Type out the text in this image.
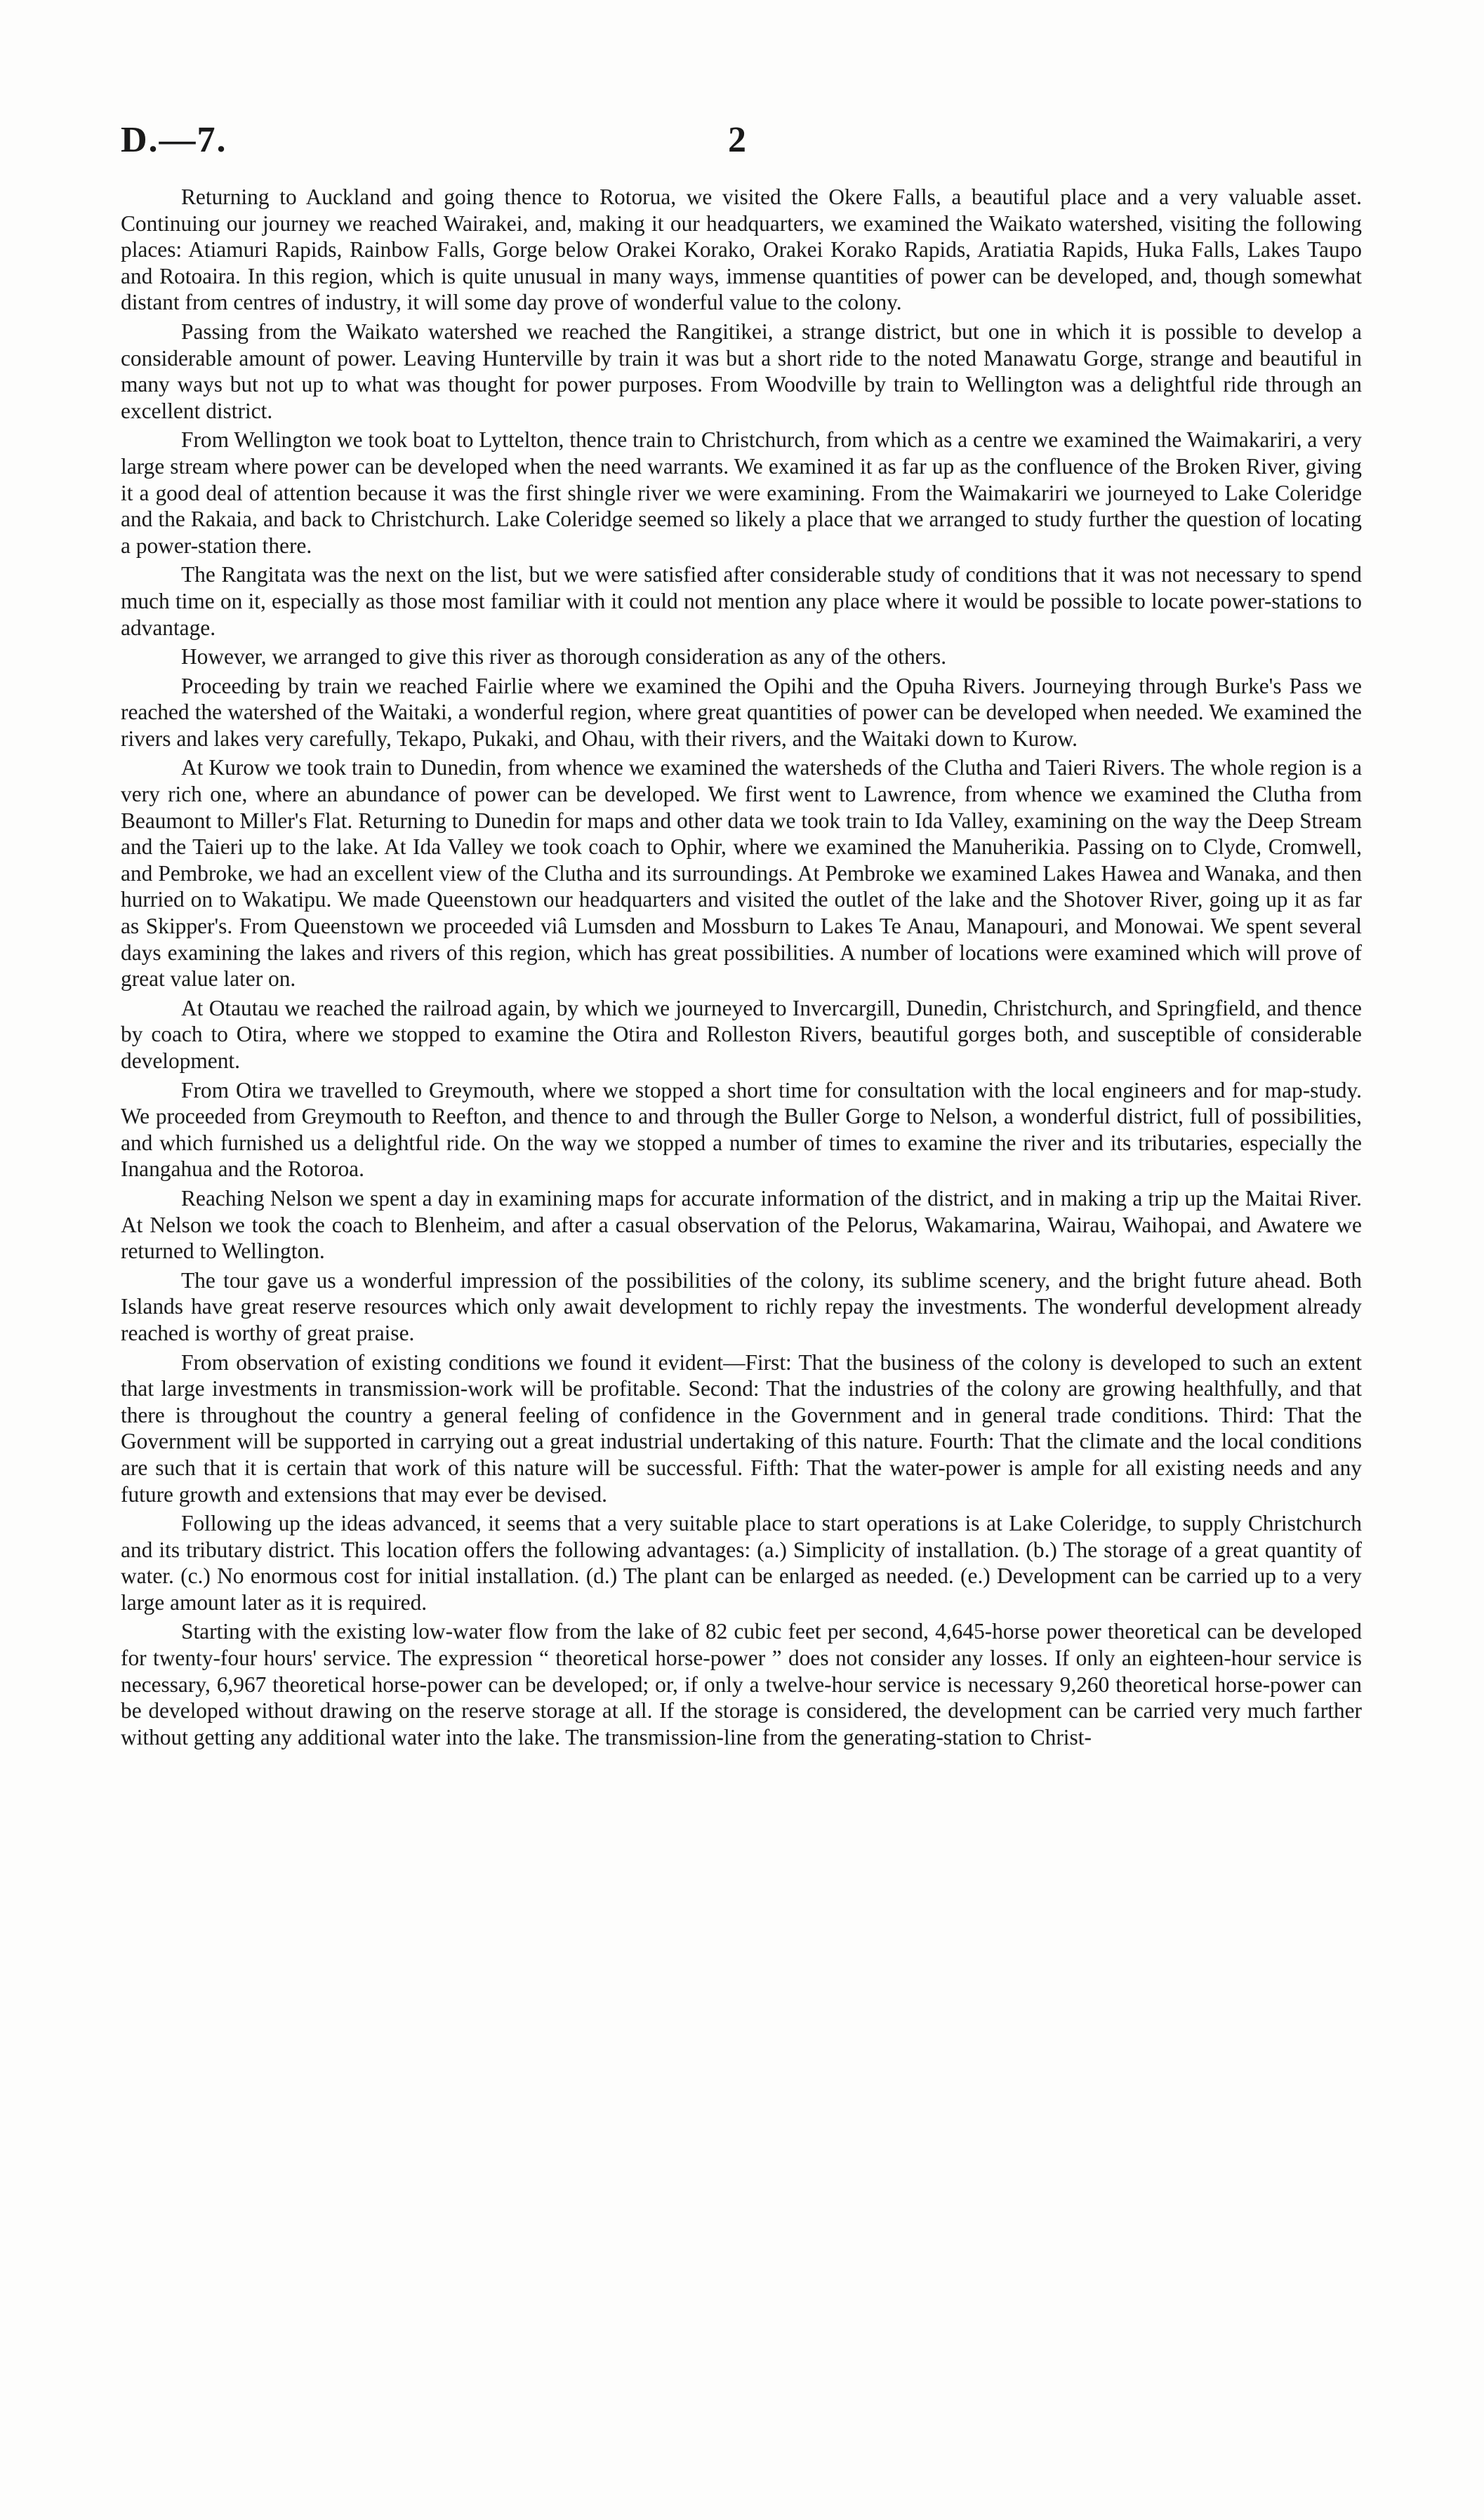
D.—7.	2

Returning to Auckland and going thence to Rotorua, we visited the Okere Falls, a beautiful place and a very valuable asset. Continuing our journey we reached Wairakei, and, making it our headquarters, we examined the Waikato watershed, visiting the following places: Atiamuri Rapids, Rainbow Falls, Gorge below Orakei Korako, Orakei Korako Rapids, Aratiatia Rapids, Huka Falls, Lakes Taupo and Rotoaira. In this region, which is quite unusual in many ways, immense quantities of power can be developed, and, though somewhat distant from centres of industry, it will some day prove of wonderful value to the colony.

Passing from the Waikato watershed we reached the Rangitikei, a strange district, but one in which it is possible to develop a considerable amount of power. Leaving Hunterville by train it was but a short ride to the noted Manawatu Gorge, strange and beautiful in many ways but not up to what was thought for power purposes. From Woodville by train to Wellington was a delightful ride through an excellent district.

From Wellington we took boat to Lyttelton, thence train to Christchurch, from which as a centre we examined the Waimakariri, a very large stream where power can be developed when the need warrants. We examined it as far up as the confluence of the Broken River, giving it a good deal of attention because it was the first shingle river we were examining. From the Waimakariri we journeyed to Lake Coleridge and the Rakaia, and back to Christchurch. Lake Coleridge seemed so likely a place that we arranged to study further the question of locating a power-station there.

The Rangitata was the next on the list, but we were satisfied after considerable study of conditions that it was not necessary to spend much time on it, especially as those most familiar with it could not mention any place where it would be possible to locate power-stations to advantage.

However, we arranged to give this river as thorough consideration as any of the others.

Proceeding by train we reached Fairlie where we examined the Opihi and the Opuha Rivers. Journeying through Burke's Pass we reached the watershed of the Waitaki, a wonderful region, where great quantities of power can be developed when needed. We examined the rivers and lakes very carefully, Tekapo, Pukaki, and Ohau, with their rivers, and the Waitaki down to Kurow.

At Kurow we took train to Dunedin, from whence we examined the watersheds of the Clutha and Taieri Rivers. The whole region is a very rich one, where an abundance of power can be developed. We first went to Lawrence, from whence we examined the Clutha from Beaumont to Miller's Flat. Returning to Dunedin for maps and other data we took train to Ida Valley, examining on the way the Deep Stream and the Taieri up to the lake. At Ida Valley we took coach to Ophir, where we examined the Manuherikia. Passing on to Clyde, Cromwell, and Pembroke, we had an excellent view of the Clutha and its surroundings. At Pembroke we examined Lakes Hawea and Wanaka, and then hurried on to Wakatipu. We made Queenstown our headquarters and visited the outlet of the lake and the Shotover River, going up it as far as Skipper's. From Queenstown we proceeded viâ Lumsden and Mossburn to Lakes Te Anau, Manapouri, and Monowai. We spent several days examining the lakes and rivers of this region, which has great possibilities. A number of locations were examined which will prove of great value later on.

At Otautau we reached the railroad again, by which we journeyed to Invercargill, Dunedin, Christchurch, and Springfield, and thence by coach to Otira, where we stopped to examine the Otira and Rolleston Rivers, beautiful gorges both, and susceptible of considerable development.

From Otira we travelled to Greymouth, where we stopped a short time for consultation with the local engineers and for map-study. We proceeded from Greymouth to Reefton, and thence to and through the Buller Gorge to Nelson, a wonderful district, full of possibilities, and which furnished us a delightful ride. On the way we stopped a number of times to examine the river and its tributaries, especially the Inangahua and the Rotoroa.

Reaching Nelson we spent a day in examining maps for accurate information of the district, and in making a trip up the Maitai River. At Nelson we took the coach to Blenheim, and after a casual observation of the Pelorus, Wakamarina, Wairau, Waihopai, and Awatere we returned to Wellington.

The tour gave us a wonderful impression of the possibilities of the colony, its sublime scenery, and the bright future ahead. Both Islands have great reserve resources which only await development to richly repay the investments. The wonderful development already reached is worthy of great praise.

From observation of existing conditions we found it evident—First: That the business of the colony is developed to such an extent that large investments in transmission-work will be profitable. Second: That the industries of the colony are growing healthfully, and that there is throughout the country a general feeling of confidence in the Government and in general trade conditions. Third: That the Government will be supported in carrying out a great industrial undertaking of this nature. Fourth: That the climate and the local conditions are such that it is certain that work of this nature will be successful. Fifth: That the water-power is ample for all existing needs and any future growth and extensions that may ever be devised.

Following up the ideas advanced, it seems that a very suitable place to start operations is at Lake Coleridge, to supply Christchurch and its tributary district. This location offers the following advantages: (a.) Simplicity of installation. (b.) The storage of a great quantity of water. (c.) No enormous cost for initial installation. (d.) The plant can be enlarged as needed. (e.) Development can be carried up to a very large amount later as it is required.

Starting with the existing low-water flow from the lake of 82 cubic feet per second, 4,645-horse power theoretical can be developed for twenty-four hours' service. The expression “ theoretical horse-power ” does not consider any losses. If only an eighteen-hour service is necessary, 6,967 theoretical horse-power can be developed; or, if only a twelve-hour service is necessary 9,260 theoretical horse-power can be developed without drawing on the reserve storage at all. If the storage is considered, the development can be carried very much farther without getting any additional water into the lake. The transmission-line from the generating-station to Christ-
